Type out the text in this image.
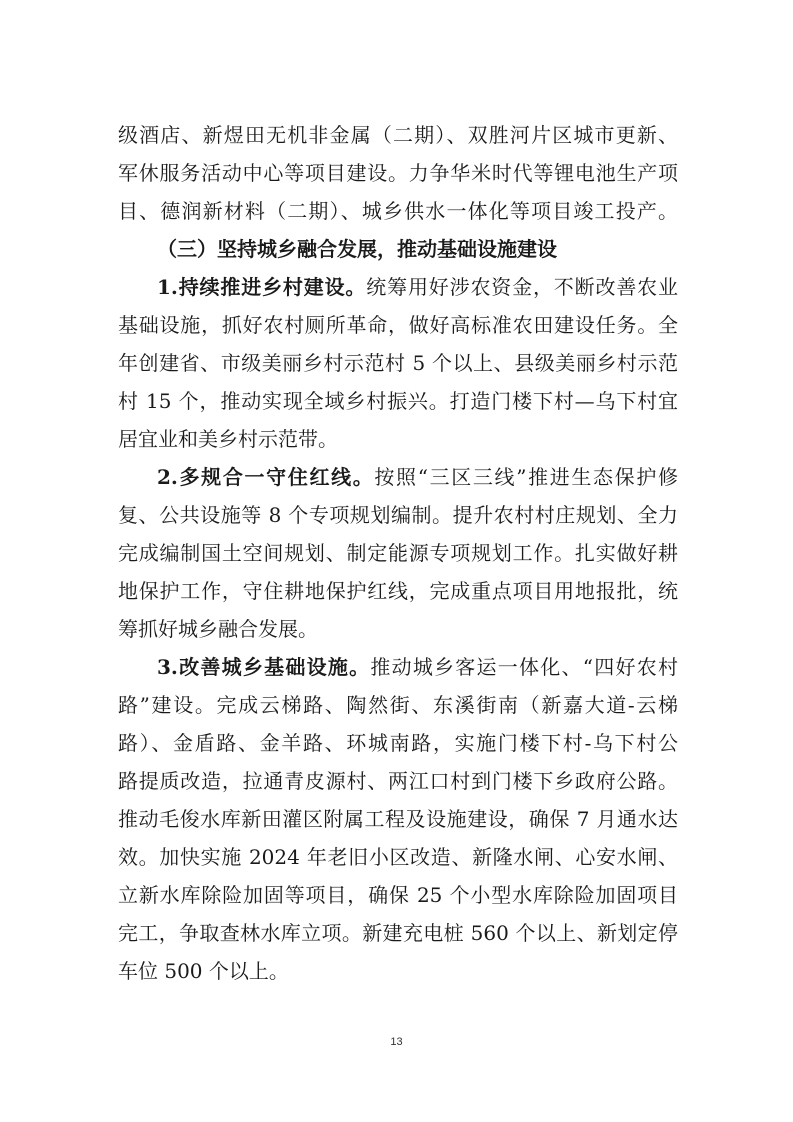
级酒店、新煜田无机非金属（二期）、双胜河片区城市更新、
军休服务活动中心等项目建设。力争华米时代等锂电池生产项
目、德润新材料（二期）、城乡供水一体化等项目竣工投产。
（三）坚持城乡融合发展，推动基础设施建设
1.持续推进乡村建设。统筹用好涉农资金，不断改善农业
基础设施，抓好农村厕所革命，做好高标准农田建设任务。全
年创建省、市级美丽乡村示范村 5 个以上、县级美丽乡村示范
村 15 个，推动实现全域乡村振兴。打造门楼下村—乌下村宜
居宜业和美乡村示范带。
2.多规合一守住红线。按照“三区三线”推进生态保护修
复、公共设施等 8 个专项规划编制。提升农村村庄规划、全力
完成编制国土空间规划、制定能源专项规划工作。扎实做好耕
地保护工作，守住耕地保护红线，完成重点项目用地报批，统
筹抓好城乡融合发展。
3.改善城乡基础设施。推动城乡客运一体化、“四好农村
路”建设。完成云梯路、陶然街、东溪街南（新嘉大道-云梯
路）、金盾路、金羊路、环城南路，实施门楼下村-乌下村公
路提质改造，拉通青皮源村、两江口村到门楼下乡政府公路。
推动毛俊水库新田灌区附属工程及设施建设，确保 7 月通水达
效。加快实施 2024 年老旧小区改造、新隆水闸、心安水闸、
立新水库除险加固等项目，确保 25 个小型水库除险加固项目
完工，争取查林水库立项。新建充电桩 560 个以上、新划定停
车位 500 个以上。
13
